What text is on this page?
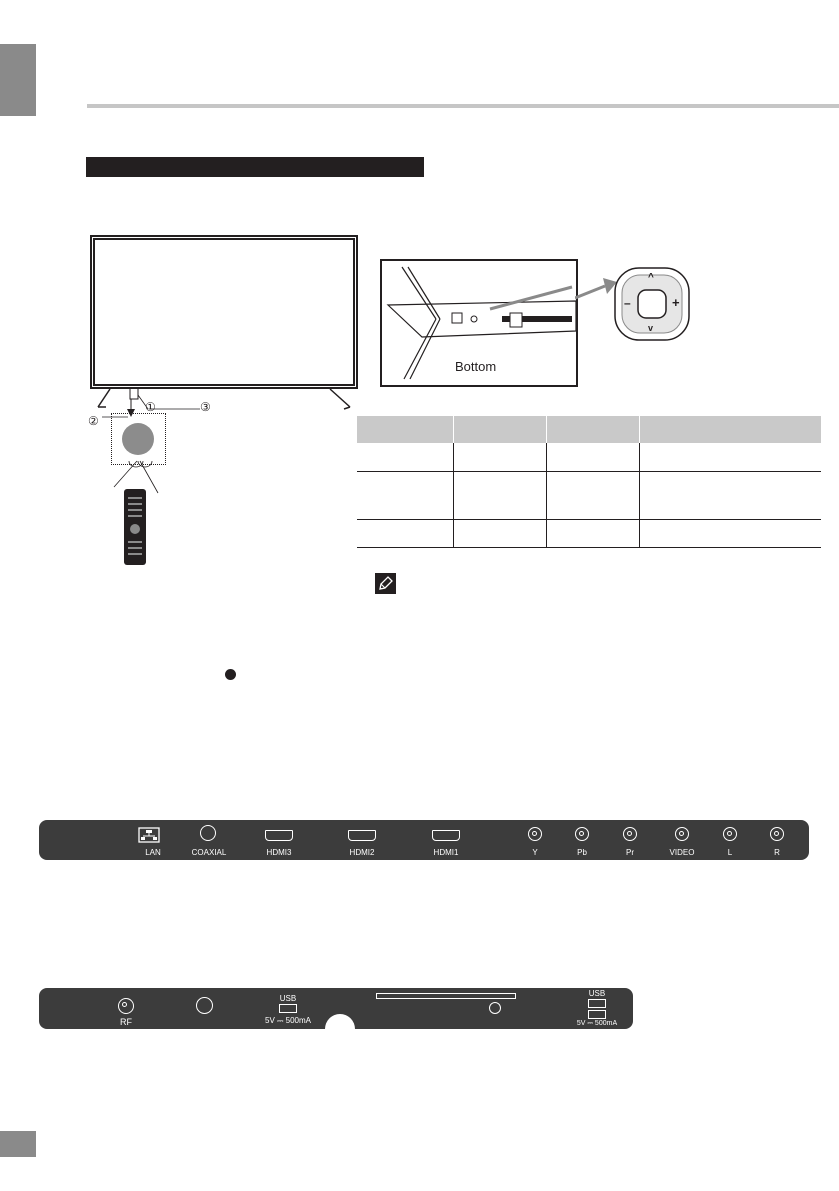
①
②
③
Bottom
^
v
–	+

LAN	COAXIAL	HDMI3	HDMI2	HDMI1	Y	Pb	Pr	VIDEO	L	R
RF
USB
5V ⎓ 500mA
USB
5V ⎓ 500mA
